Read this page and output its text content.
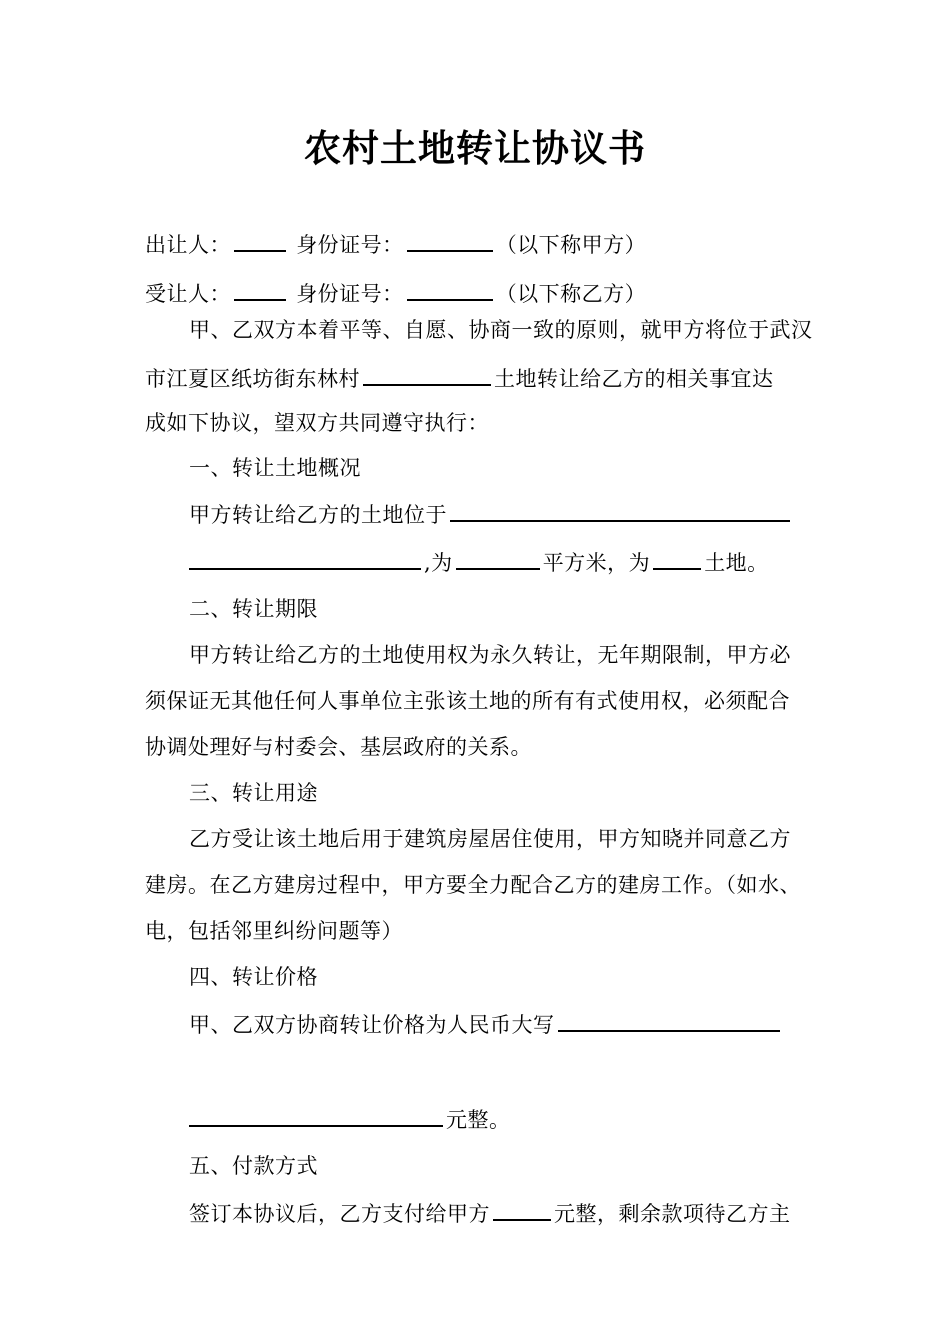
农村土地转让协议书
出让人：	身份证号：	（以下称甲方）
受让人：	身份证号：	（以下称乙方）
甲、乙双方本着平等、自愿、协商一致的原则，就甲方将位于武汉
市江夏区纸坊街东林村	土地转让给乙方的相关事宜达
成如下协议，望双方共同遵守执行：
一、转让土地概况
甲方转让给乙方的土地位于
,为	平方米，为	土地。
二、转让期限
甲方转让给乙方的土地使用权为永久转让，无年期限制，甲方必
须保证无其他任何人事单位主张该土地的所有有式使用权，必须配合
协调处理好与村委会、基层政府的关系。
三、转让用途
乙方受让该土地后用于建筑房屋居住使用，甲方知晓并同意乙方
建房。在乙方建房过程中，甲方要全力配合乙方的建房工作。（如水、
电，包括邻里纠纷问题等）
四、转让价格
甲、乙双方协商转让价格为人民币大写
元整。
五、付款方式
签订本协议后，乙方支付给甲方	元整，剩余款项待乙方主
